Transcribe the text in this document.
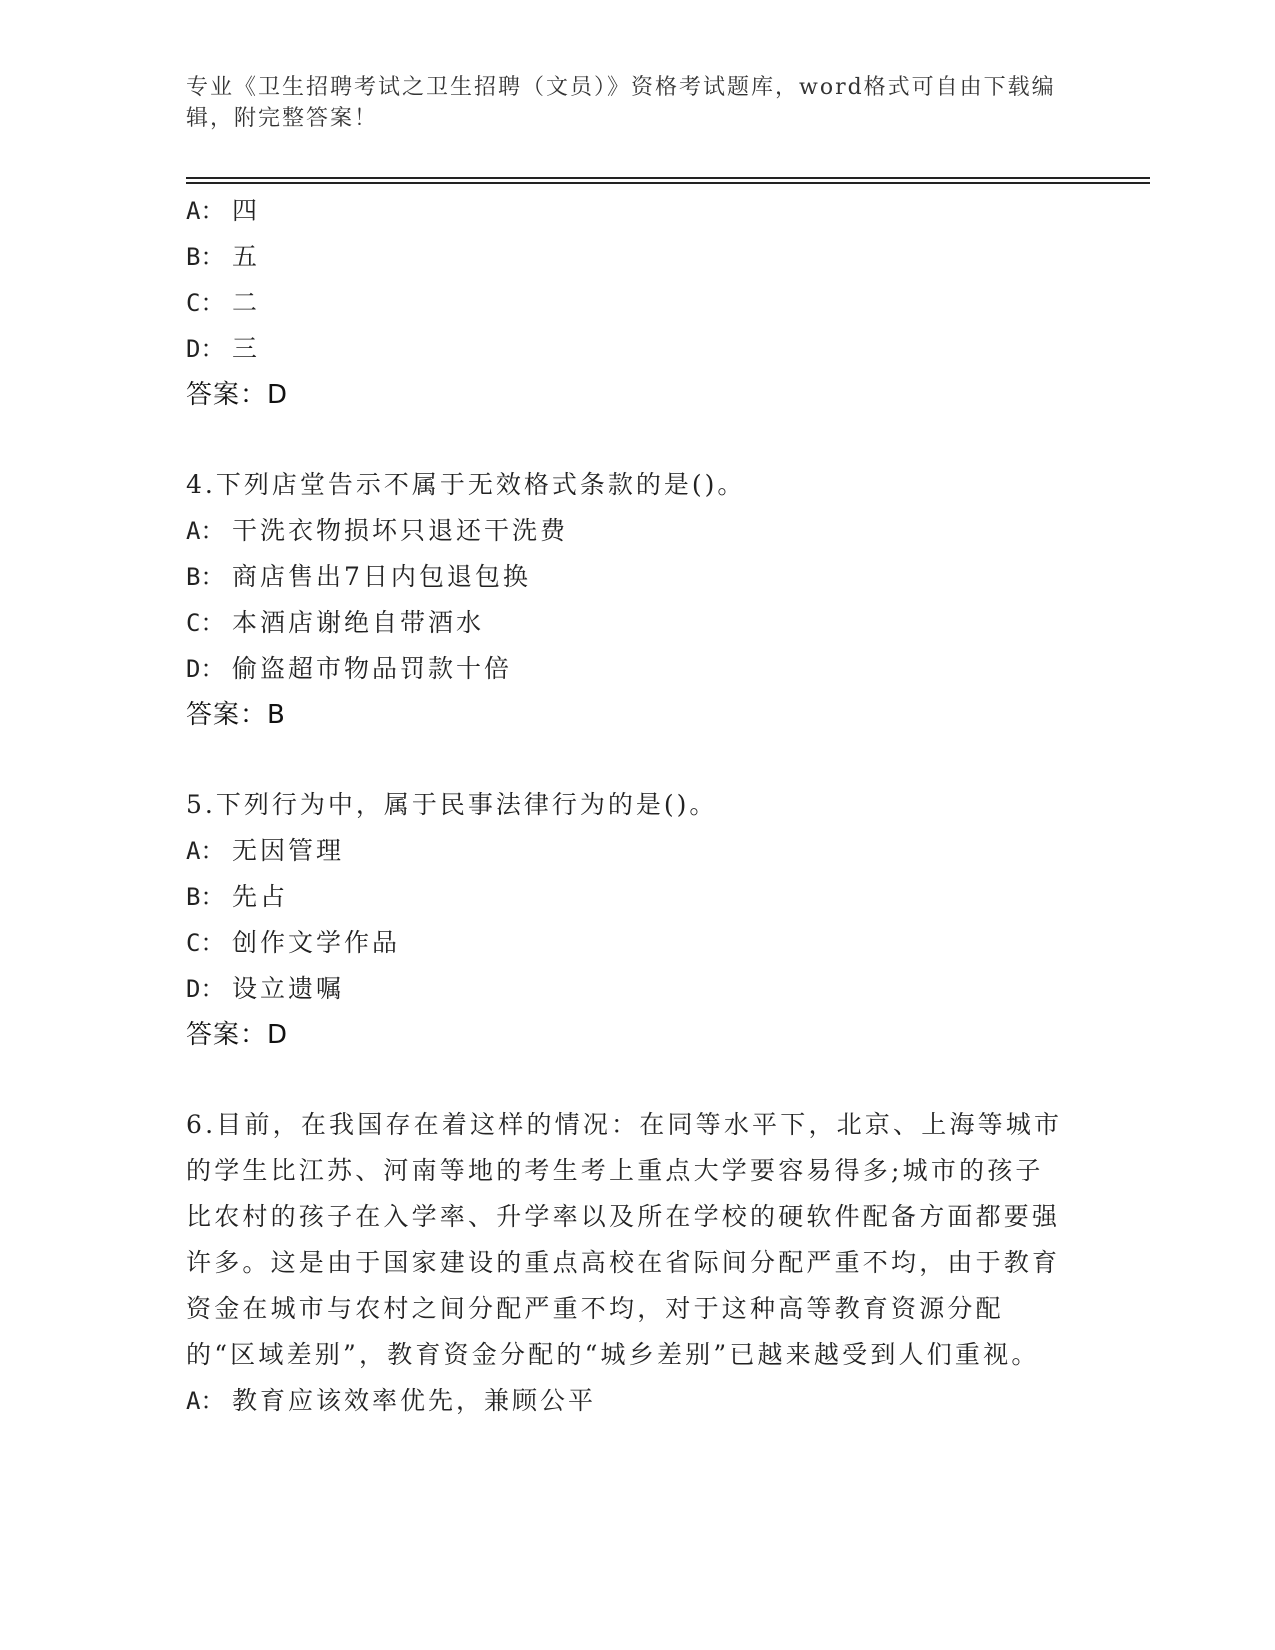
专业《卫生招聘考试之卫生招聘（文员）》资格考试题库，word格式可自由下载编辑，附完整答案！
A： 四
B： 五
C： 二
D： 三
答案：D
4.下列店堂告示不属于无效格式条款的是()。
A： 干洗衣物损坏只退还干洗费
B： 商店售出7日内包退包换
C： 本酒店谢绝自带酒水
D： 偷盗超市物品罚款十倍
答案：B
5.下列行为中，属于民事法律行为的是()。
A： 无因管理
B： 先占
C： 创作文学作品
D： 设立遗嘱
答案：D
6.目前，在我国存在着这样的情况：在同等水平下，北京、上海等城市的学生比江苏、河南等地的考生考上重点大学要容易得多;城市的孩子比农村的孩子在入学率、升学率以及所在学校的硬软件配备方面都要强许多。这是由于国家建设的重点高校在省际间分配严重不均，由于教育资金在城市与农村之间分配严重不均，对于这种高等教育资源分配的“区域差别”，教育资金分配的“城乡差别”已越来越受到人们重视。
A： 教育应该效率优先，兼顾公平
